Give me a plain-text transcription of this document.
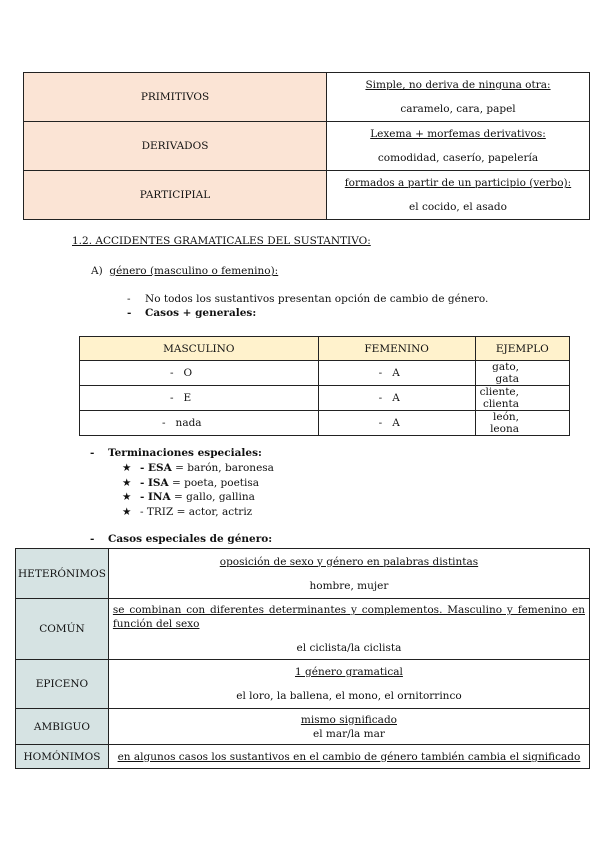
PRIMITIVOS	Simple, no deriva de ninguna otra:
caramelo, cara, papel
DERIVADOS	Lexema + morfemas derivativos:
comodidad, caserío, papelería
PARTICIPIAL	formados a partir de un participio (verbo):
el cocido, el asado
1.2. ACCIDENTES GRAMATICALES DEL SUSTANTIVO:
A) género (masculino o femenino):
- No todos los sustantivos presentan opción de cambio de género.
- Casos + generales:
MASCULINO	FEMENINO	EJEMPLO
-   O	-   A	gato, gata
-   E	-   A	cliente, clienta
-   nada	-   A	león, leona
- Terminaciones especiales:
★ - ESA = barón, baronesa
★ - ISA = poeta, poetisa
★ - INA = gallo, gallina
★ - TRIZ = actor, actriz
- Casos especiales de género:
HETERÓNIMOS	oposición de sexo y género en palabras distintas
hombre, mujer
COMÚN	se combinan con diferentes determinantes y complementos. Masculino y femenino en función del sexo
el ciclista/la ciclista

EPICENO	1 género gramatical
el loro, la ballena, el mono, el ornitorrinco
AMBIGUO	mismo significado
el mar/la mar
HOMÓNIMOS	en algunos casos los sustantivos en el cambio de género también cambia el significado
